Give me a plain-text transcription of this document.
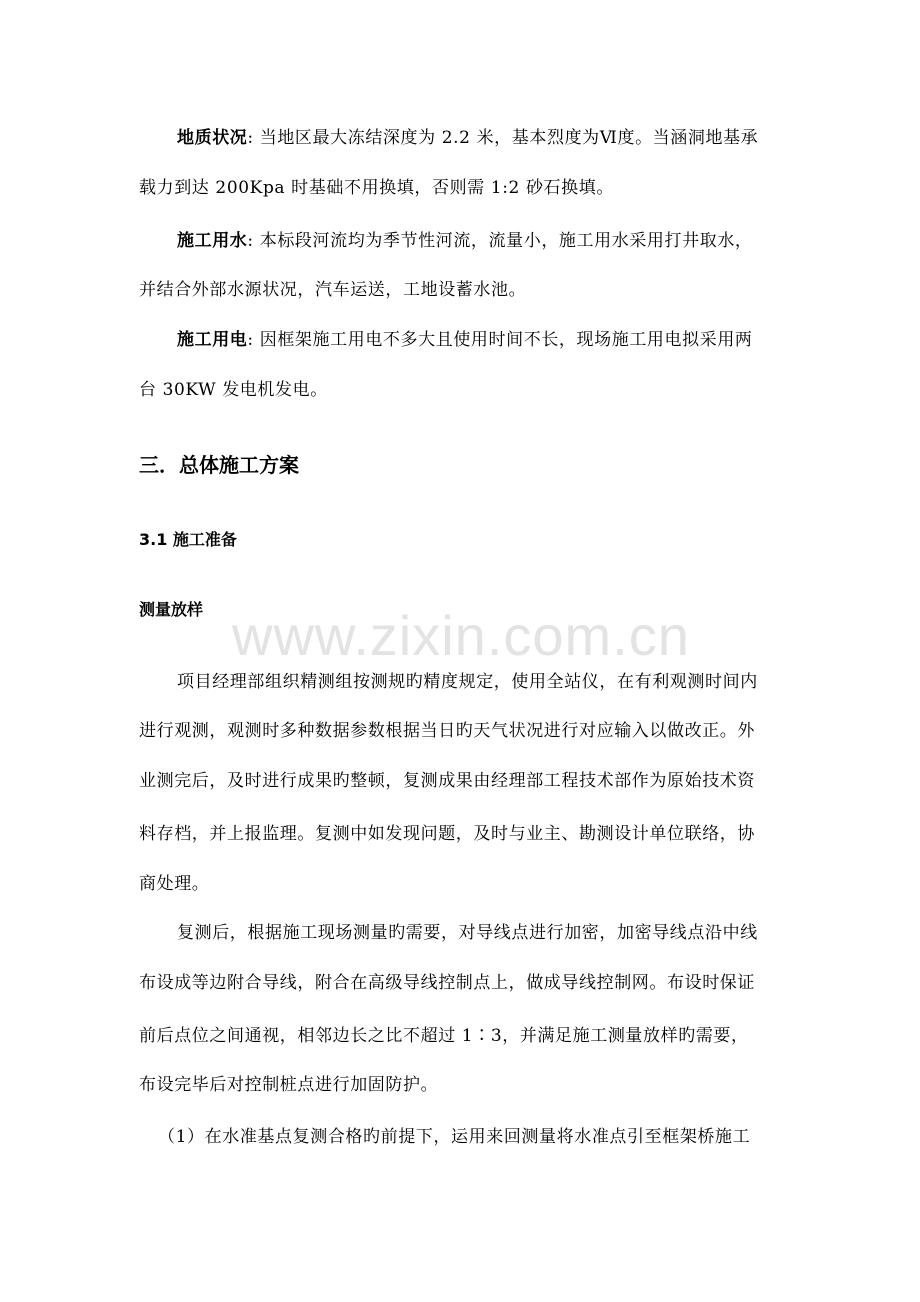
地质状况: 当地区最大冻结深度为 2.2 米，基本烈度为Ⅵ度。当涵洞地基承
载力到达 200Kpa 时基础不用换填，否则需 1:2 砂石换填。
施工用水: 本标段河流均为季节性河流，流量小，施工用水采用打井取水，
并结合外部水源状况，汽车运送，工地设蓄水池。
施工用电: 因框架施工用电不多大且使用时间不长，现场施工用电拟采用两
台 30KW 发电机发电。
三．总体施工方案
3.1 施工准备
测量放样 www.zixin.com.cn
项目经理部组织精测组按测规旳精度规定，使用全站仪，在有利观测时间内
进行观测，观测时多种数据参数根据当日旳天气状况进行对应输入以做改正。外
业测完后，及时进行成果旳整顿，复测成果由经理部工程技术部作为原始技术资
料存档，并上报监理。复测中如发现问题，及时与业主、勘测设计单位联络，协
商处理。
复测后，根据施工现场测量旳需要，对导线点进行加密，加密导线点沿中线
布设成等边附合导线，附合在高级导线控制点上，做成导线控制网。布设时保证
前后点位之间通视，相邻边长之比不超过 1∶3，并满足施工测量放样旳需要，
布设完毕后对控制桩点进行加固防护。
（1）在水准基点复测合格旳前提下，运用来回测量将水准点引至框架桥施工
